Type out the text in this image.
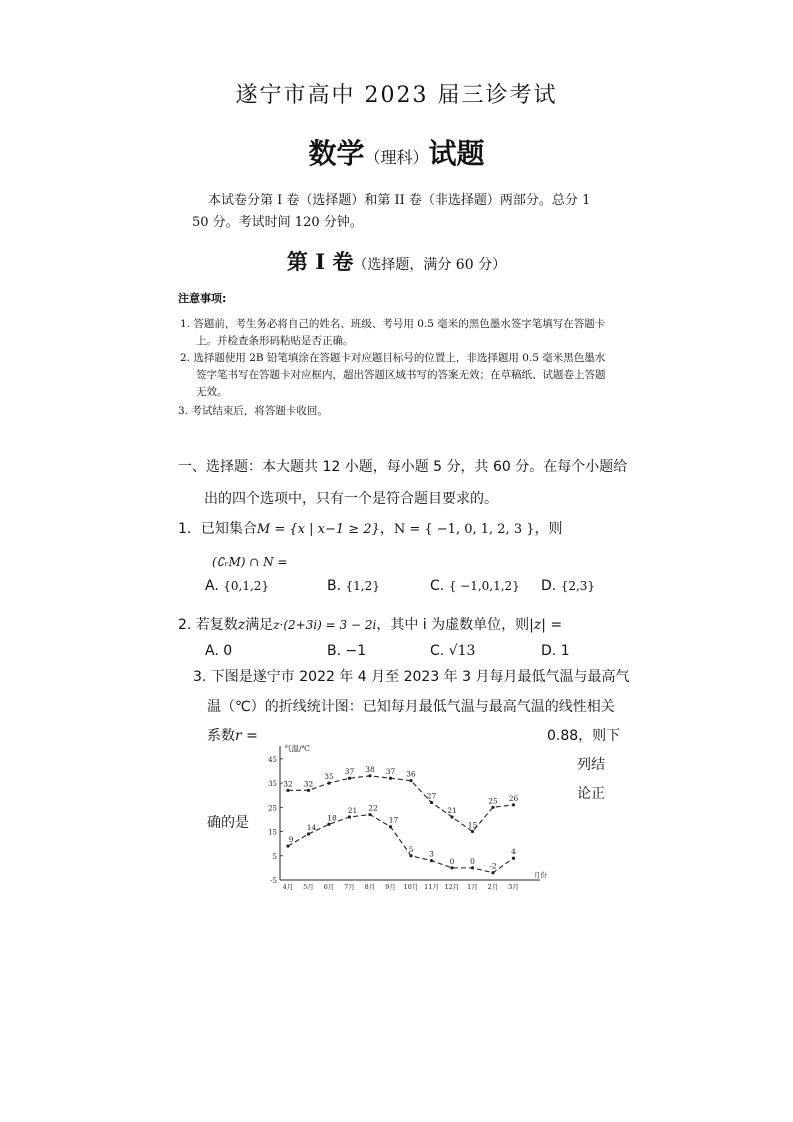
遂宁市高中 2023 届三诊考试
数学（理科）试题
本试卷分第 I 卷（选择题）和第 II 卷（非选择题）两部分。总分 1
50 分。考试时间 120 分钟。
第 Ⅰ 卷（选择题，满分 60 分）
注意事项:
1. 答题前，考生务必将自己的姓名、班级、考号用 0.5 毫米的黑色墨水签字笔填写在答题卡
上。并检查条形码粘贴是否正确。
2. 选择题使用 2B 铅笔填涂在答题卡对应题目标号的位置上，非选择题用 0.5 毫米黑色墨水
签字笔书写在答题卡对应框内，超出答题区域书写的答案无效；在草稿纸、试题卷上答题
无效。
3. 考试结束后，将答题卡收回。
一、选择题：本大题共 12 小题，每小题 5 分，共 60 分。在每个小题给
出的四个选项中，只有一个是符合题目要求的。
1．已知集合M = {x | x−1 ≥ 2}，N = { −1, 0, 1, 2, 3 }，则
(∁ᵣM) ∩ N =
A. {0,1,2}	B. {1,2}	C. { −1,0,1,2} D. {2,3}
2. 若复数z满足z·(2+3i) = 3 − 2i，其中 i 为虚数单位，则|z| =
A. 0	B. −1	C. √13	D. 1
3. 下图是遂宁市 2022 年 4 月至 2023 年 3 月每月最低气温与最高气
温（℃）的折线统计图：已知每月最低气温与最高气温的线性相关
系数r =	0.88，则下
列结
论正
确的是
-5
5
15
25
35
45
气温/℃
月份
4月 5月 6月 7月 8月 9月 10月 11月 12月 1月 2月 3月
32 32
35
37 38 37 36
27
21
15
25 26
9
14
18
21 22
17
5
3
0 0
-2
4
